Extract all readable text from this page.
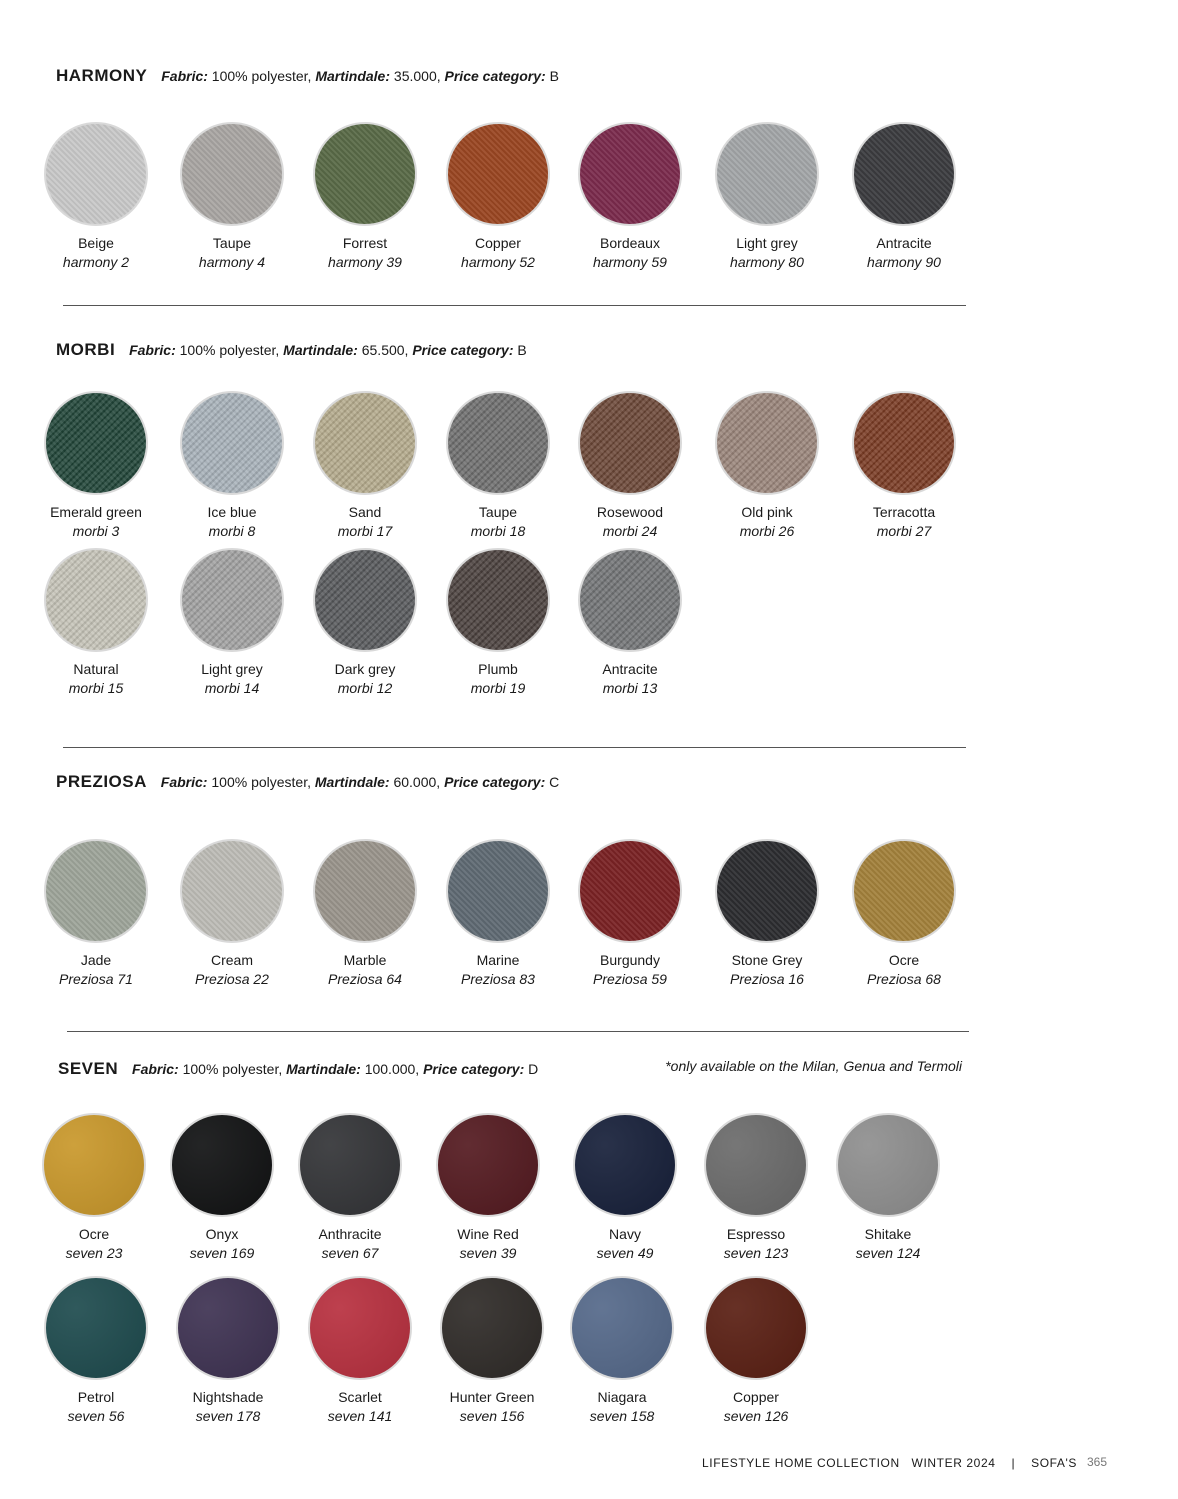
HARMONY Fabric: 100% polyester, Martindale: 35.000, Price category: B
MORBI Fabric: 100% polyester, Martindale: 65.500, Price category: B
PREZIOSA Fabric: 100% polyester, Martindale: 60.000, Price category: C
SEVEN Fabric: 100% polyester, Martindale: 100.000, Price category: D	*only available on the Milan, Genua and Termoli
Beige
harmony 2
Taupe
harmony 4
Forrest
harmony 39
Copper
harmony 52
Bordeaux
harmony 59
Light grey
harmony 80
Antracite
harmony 90
Emerald green
morbi 3
Ice blue
morbi 8
Sand
morbi 17
Taupe
morbi 18
Rosewood
morbi 24
Old pink
morbi 26
Terracotta
morbi 27
Natural
morbi 15
Light grey
morbi 14
Dark grey
morbi 12
Plumb
morbi 19
Antracite
morbi 13
Jade
Preziosa 71
Cream
Preziosa 22
Marble
Preziosa 64
Marine
Preziosa 83
Burgundy
Preziosa 59
Stone Grey
Preziosa 16
Ocre
Preziosa 68
Ocre
seven 23
Onyx
seven 169
Anthracite
seven 67
Wine Red
seven 39
Navy
seven 49
Espresso
seven 123
Shitake
seven 124
Petrol
seven 56
Nightshade
seven 178
Scarlet
seven 141
Hunter Green
seven 156
Niagara
seven 158
Copper
seven 126
LIFESTYLE HOME COLLECTION WINTER 2024 | SOFA'S 365
